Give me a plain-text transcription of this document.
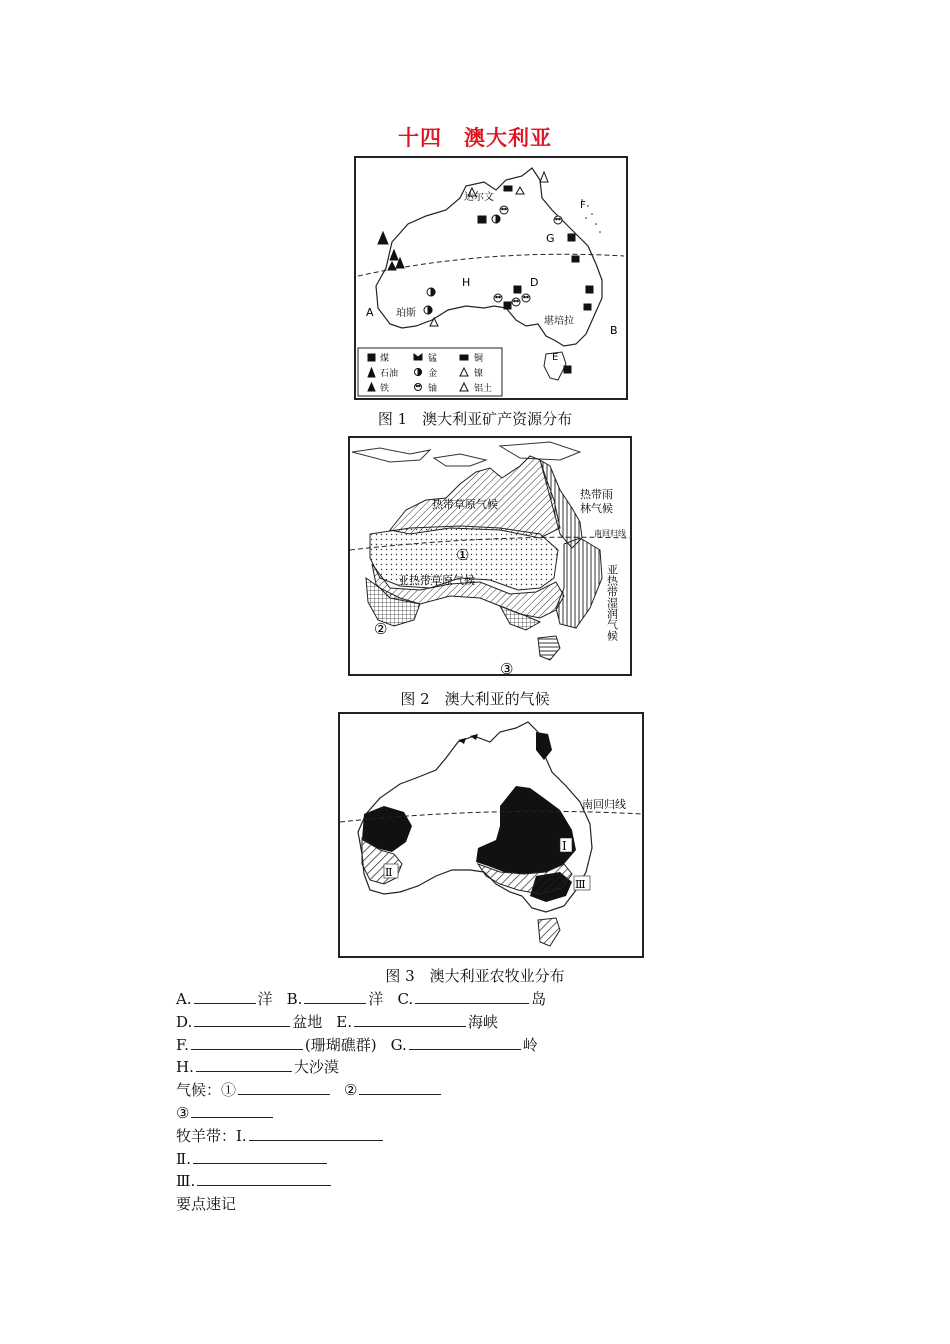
十四　澳大利亚
达尔文
珀斯
堪培拉
A
B
D
E
F
G
H
煤	锰	铜
石油	金	镍
铁	铀	铝土
图 1　澳大利亚矿产资源分布
热带草原气候
热带雨
林气候
南回归线
亚热带草原气候
①
②
③
亚热带湿润气候
图 2　澳大利亚的气候
南回归线
Ⅰ
Ⅱ
Ⅲ
图 3　澳大利亚农牧业分布
A.	洋 B.	洋 C.	岛
D.	盆地 E.	海峡
F.	(珊瑚礁群) G.	岭
H.	大沙漠
气候：①	②
③
牧羊带：Ⅰ.
Ⅱ.
Ⅲ.
要点速记
